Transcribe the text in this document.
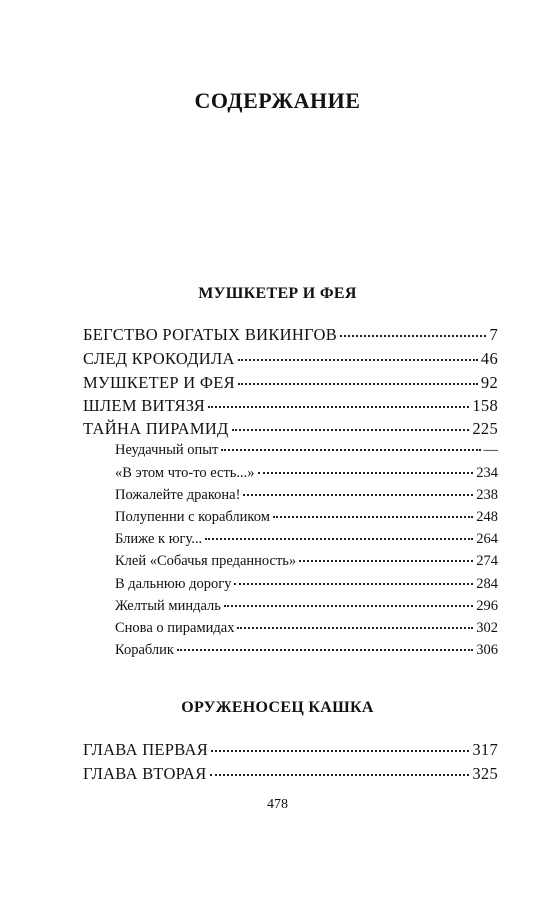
СОДЕРЖАНИЕ
МУШКЕТЕР И ФЕЯ
БЕГСТВО РОГАТЫХ ВИКИНГОВ	7
СЛЕД КРОКОДИЛА	46
МУШКЕТЕР И ФЕЯ	92
ШЛЕМ ВИТЯЗЯ	158
ТАЙНА ПИРАМИД	225
Неудачный опыт	—
«В этом что-то есть...»	234
Пожалейте дракона!	238
Полупенни с корабликом	248
Ближе к югу...	264
Клей «Собачья преданность»	274
В дальнюю дорогу	284
Желтый миндаль	296
Снова о пирамидах	302
Кораблик	306
ОРУЖЕНОСЕЦ КАШКА
ГЛАВА ПЕРВАЯ	317
ГЛАВА ВТОРАЯ	325
478
